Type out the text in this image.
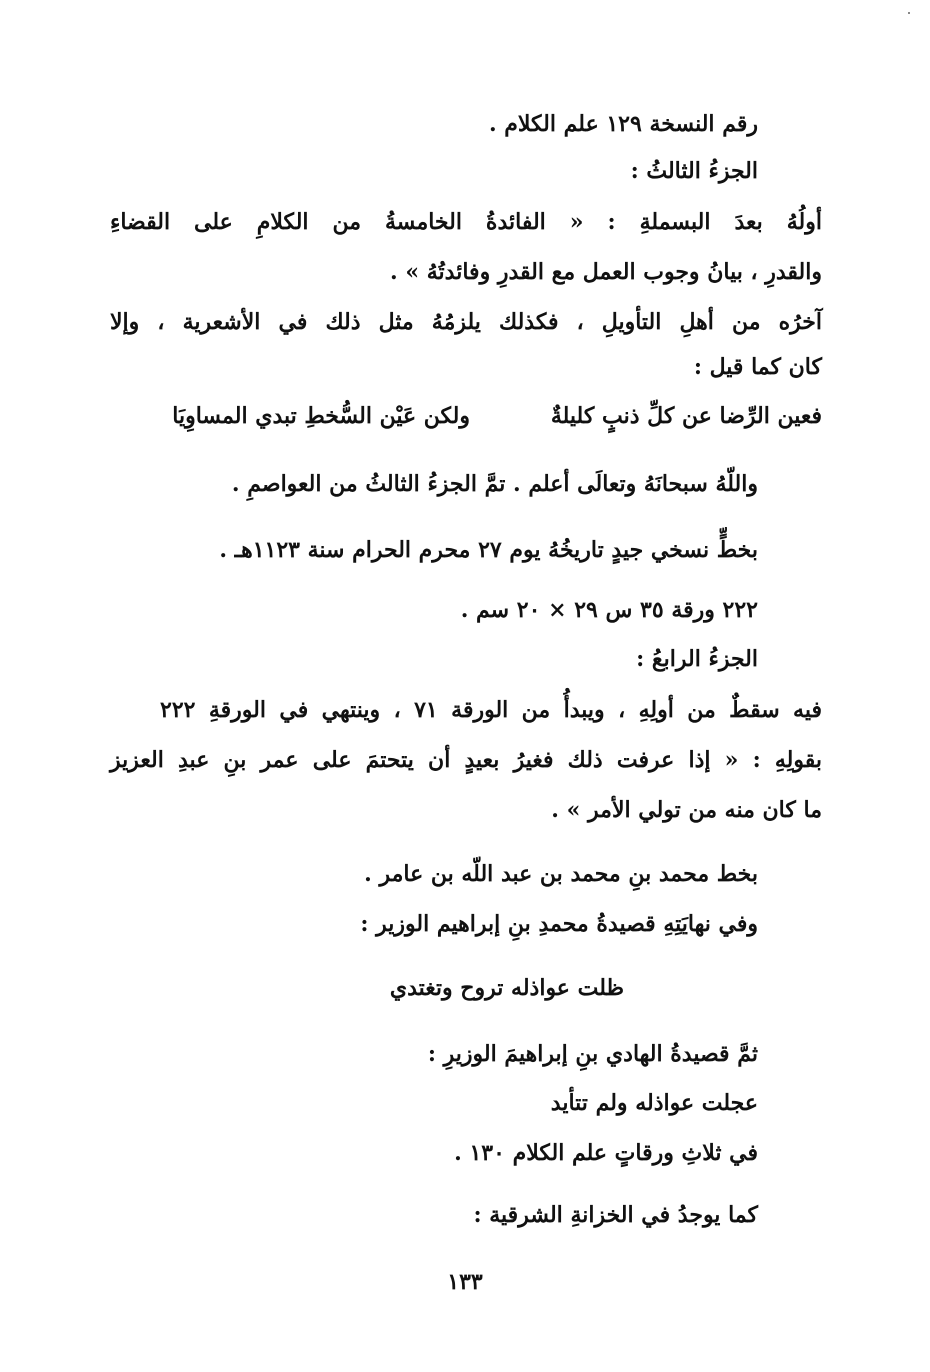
رقم النسخة ١٢٩ علم الكلام .
الجزءُ الثالثُ :
أولُهُ بعدَ البسملةِ : « الفائدةُ الخامسةُ من الكلامِ على القضاءِ
والقدرِ ، بيانُ وجوب العمل مع القدرِ وفائدتُهُ » .
آخرُه من أهلِ التأويلِ ، فكذلك يلزمُهُ مثل ذلك في الأشعرية ، وإلا
كان كما قيل :
فعين الرِّضا عن كلِّ ذنبٍ كليلةٌ
ولكن عَيْن السُّخطِ تبدي المساوِيَا
واللّهُ سبحانَهُ وتعالَى أعلم . تمَّ الجزءُ الثالثُ من العواصمِ .
بخطٍّ نسخي جيدٍ تاريخُهُ يوم ٢٧ محرم الحرام سنة ١١٢٣هـ .
٢٢٢ ورقة ٣٥ س ٢٩ × ٢٠ سم .
الجزءُ الرابعُ :
فيه سقطٌ من أولِهِ ، ويبدأُ من الورقة ٧١ ، وينتهي في الورقةِ ٢٢٢
بقولِهِ : « إذا عرفت ذلك فغيرُ بعيدٍ أن يتحتمَ على عمر بنِ عبدِ العزيز
ما كان منه من تولي الأمر » .
بخط محمد بنِ محمد بن عبد اللّه بن عامر .
وفي نهايَتِهِ قصيدةُ محمدِ بنِ إبراهيم الوزير :
ظلت عواذله تروح وتغتدي
ثمَّ قصيدةُ الهادي بنِ إبراهيمَ الوزيرِ :
عجلت عواذله ولم تتأيد
في ثلاثِ ورقاتٍ علم الكلام ١٣٠ .
كما يوجدُ في الخزانةِ الشرقية :
١٣٣
